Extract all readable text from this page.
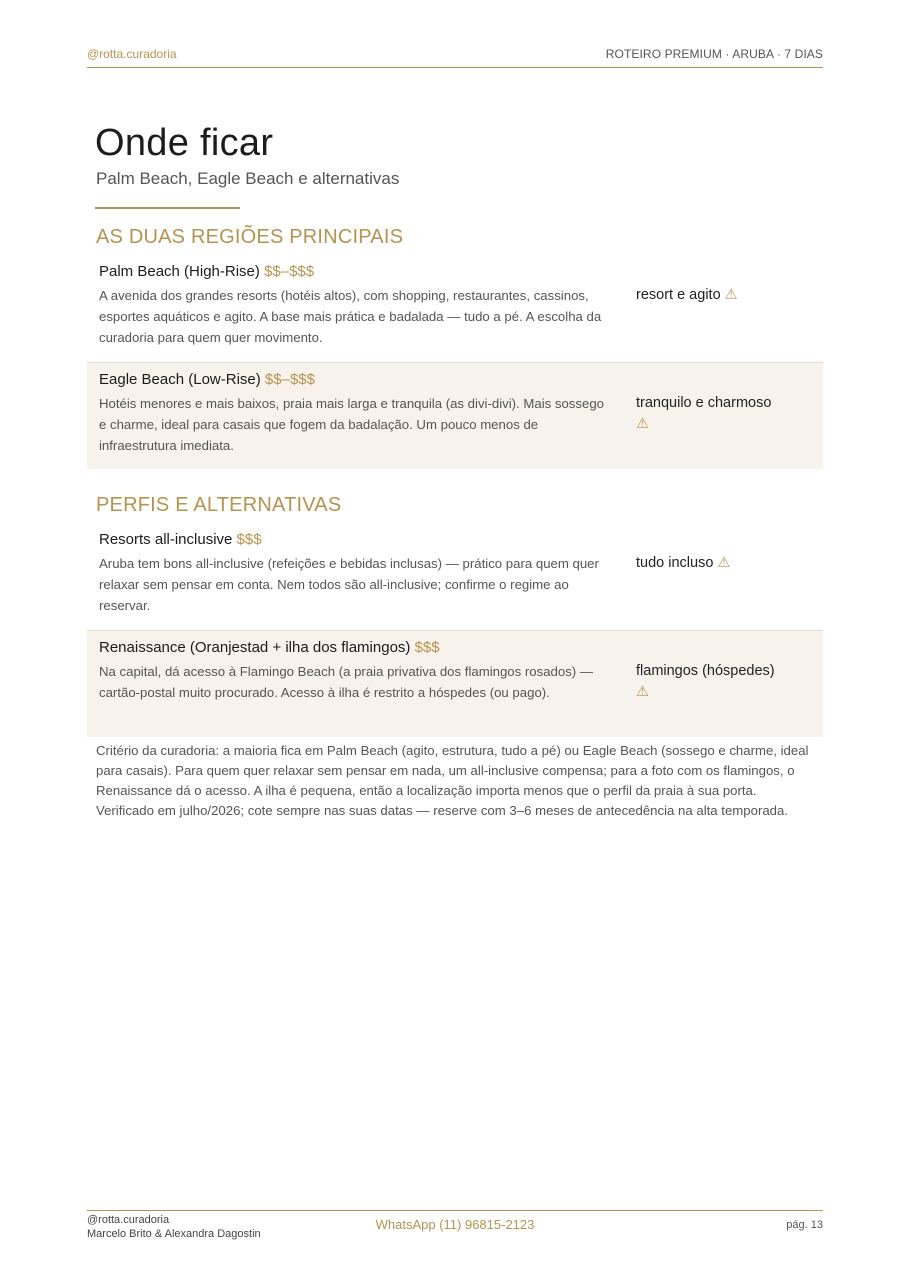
@rotta.curadoria	ROTEIRO PREMIUM · ARUBA · 7 DIAS
Onde ficar
Palm Beach, Eagle Beach e alternativas
AS DUAS REGIÕES PRINCIPAIS
Palm Beach (High-Rise) $$–$$$
A avenida dos grandes resorts (hotéis altos), com shopping, restaurantes, cassinos, esportes aquáticos e agito. A base mais prática e badalada — tudo a pé. A escolha da curadoria para quem quer movimento.
resort e agito ⚠
Eagle Beach (Low-Rise) $$–$$$
Hotéis menores e mais baixos, praia mais larga e tranquila (as divi-divi). Mais sossego e charme, ideal para casais que fogem da badalação. Um pouco menos de infraestrutura imediata.
tranquilo e charmoso ⚠
PERFIS E ALTERNATIVAS
Resorts all-inclusive $$$
Aruba tem bons all-inclusive (refeições e bebidas inclusas) — prático para quem quer relaxar sem pensar em conta. Nem todos são all-inclusive; confirme o regime ao reservar.
tudo incluso ⚠
Renaissance (Oranjestad + ilha dos flamingos) $$$
Na capital, dá acesso à Flamingo Beach (a praia privativa dos flamingos rosados) — cartão-postal muito procurado. Acesso à ilha é restrito a hóspedes (ou pago).
flamingos (hóspedes) ⚠
Critério da curadoria: a maioria fica em Palm Beach (agito, estrutura, tudo a pé) ou Eagle Beach (sossego e charme, ideal para casais). Para quem quer relaxar sem pensar em nada, um all-inclusive compensa; para a foto com os flamingos, o Renaissance dá o acesso. A ilha é pequena, então a localização importa menos que o perfil da praia à sua porta. Verificado em julho/2026; cote sempre nas suas datas — reserve com 3–6 meses de antecedência na alta temporada.
@rotta.curadoria
Marcelo Brito & Alexandra Dagostin
WhatsApp (11) 96815-2123	pág. 13
